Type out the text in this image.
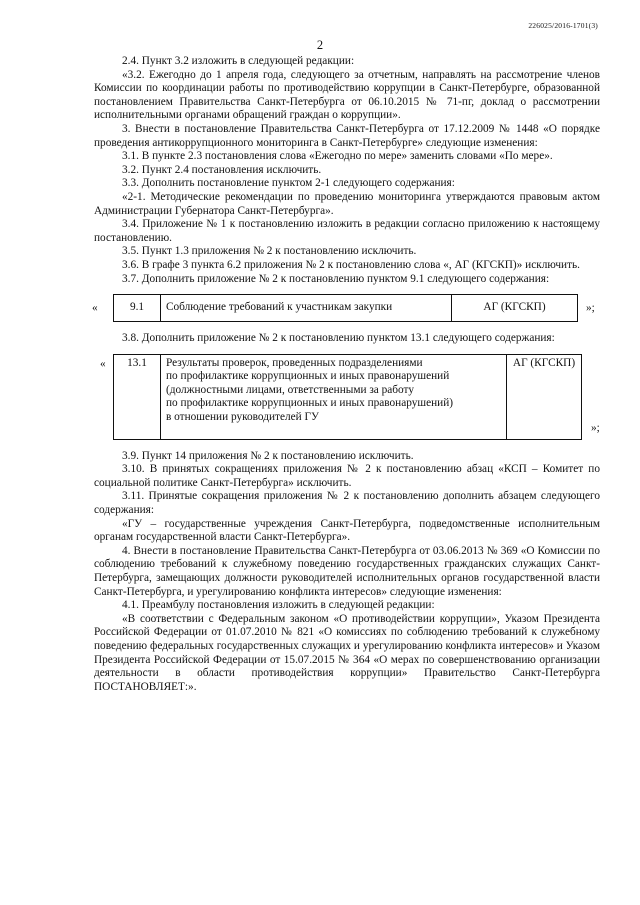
226025/2016-1701(3)
2

2.4. Пункт 3.2 изложить в следующей редакции:

«3.2. Ежегодно до 1 апреля года, следующего за отчетным, направлять на рассмотрение членов Комиссии по координации работы по противодействию коррупции в Санкт-Петербурге, образованной постановлением Правительства Санкт-Петербурга от 06.10.2015 № 71-пг, доклад о рассмотрении исполнительными органами обращений граждан о коррупции».

3. Внести в постановление Правительства Санкт-Петербурга от 17.12.2009 № 1448 «О порядке проведения антикоррупционного мониторинга в Санкт-Петербурге» следующие изменения:

3.1. В пункте 2.3 постановления слова «Ежегодно по мере» заменить словами «По мере».

3.2. Пункт 2.4 постановления исключить.

3.3. Дополнить постановление пунктом 2-1 следующего содержания:

«2-1. Методические рекомендации по проведению мониторинга утверждаются правовым актом Администрации Губернатора Санкт-Петербурга».

3.4. Приложение № 1 к постановлению изложить в редакции согласно приложению к настоящему постановлению.

3.5. Пункт 1.3 приложения № 2 к постановлению исключить.

3.6. В графе 3 пункта 6.2 приложения № 2 к постановлению слова «, АГ (КГСКП)» исключить.

3.7. Дополнить приложение № 2 к постановлению пунктом 9.1 следующего содержания:

«	9.1	Соблюдение требований к участникам закупки	АГ (КГСКП)	»;

3.8. Дополнить приложение № 2 к постановлению пунктом 13.1 следующего содержания:

« 13.1	Результаты проверок, проведенных подразделениями
по профилактике коррупционных и иных правонарушений
(должностными лицами, ответственными за работу
по профилактике коррупционных и иных правонарушений)
в отношении руководителей ГУ
	АГ (КГСКП)
»;

3.9. Пункт 14 приложения № 2 к постановлению исключить.

3.10. В принятых сокращениях приложения № 2 к постановлению абзац «КСП – Комитет по социальной политике Санкт-Петербурга» исключить.

3.11. Принятые сокращения приложения № 2 к постановлению дополнить абзацем следующего содержания:

«ГУ – государственные учреждения Санкт-Петербурга, подведомственные исполнительным органам государственной власти Санкт-Петербурга».

4. Внести в постановление Правительства Санкт-Петербурга от 03.06.2013 № 369 «О Комиссии по соблюдению требований к служебному поведению государственных гражданских служащих Санкт-Петербурга, замещающих должности руководителей исполнительных органов государственной власти Санкт-Петербурга, и урегулированию конфликта интересов» следующие изменения:

4.1. Преамбулу постановления изложить в следующей редакции:

«В соответствии с Федеральным законом «О противодействии коррупции», Указом Президента Российской Федерации от 01.07.2010 № 821 «О комиссиях по соблюдению требований к служебному поведению федеральных государственных служащих и урегулированию конфликта интересов» и Указом Президента Российской Федерации от 15.07.2015 № 364 «О мерах по совершенствованию организации деятельности в области противодействия коррупции» Правительство Санкт-Петербурга ПОСТАНОВЛЯЕТ:».
